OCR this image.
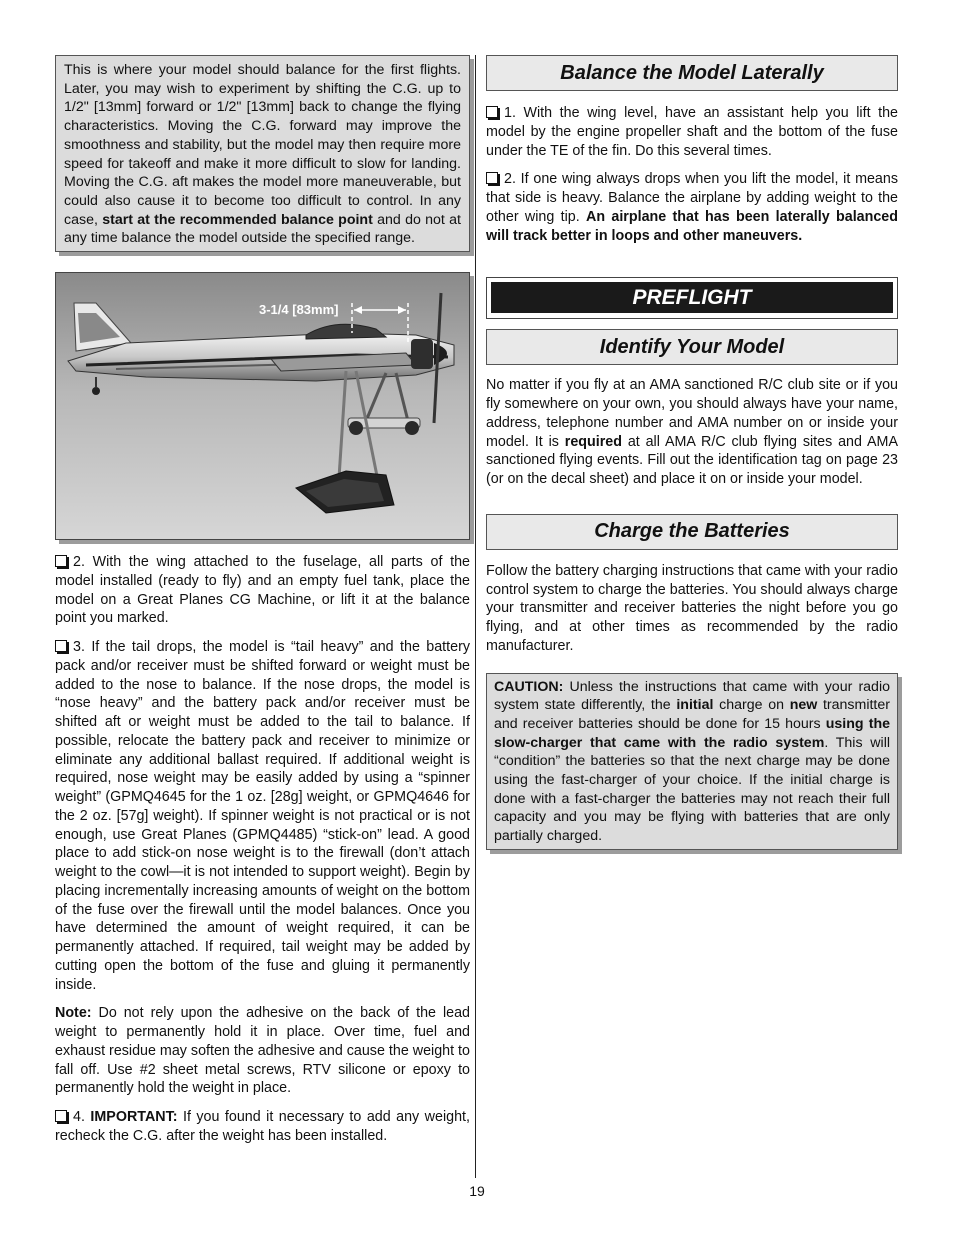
This is where your model should balance for the first flights. Later, you may wish to experiment by shifting the C.G. up to 1/2" [13mm] forward or 1/2" [13mm] back to change the flying characteristics. Moving the C.G. forward may improve the smoothness and stability, but the model may then require more speed for takeoff and make it more difficult to slow for landing. Moving the C.G. aft makes the model more maneuverable, but could also cause it to become too difficult to control. In any case, start at the recommended balance point and do not at any time balance the model outside the specified range.

3-1/4 [83mm]

2. With the wing attached to the fuselage, all parts of the model installed (ready to fly) and an empty fuel tank, place the model on a Great Planes CG Machine, or lift it at the balance point you marked.

3. If the tail drops, the model is “tail heavy” and the battery pack and/or receiver must be shifted forward or weight must be added to the nose to balance. If the nose drops, the model is “nose heavy” and the battery pack and/or receiver must be shifted aft or weight must be added to the tail to balance. If possible, relocate the battery pack and receiver to minimize or eliminate any additional ballast required. If additional weight is required, nose weight may be easily added by using a “spinner weight” (GPMQ4645 for the 1 oz. [28g] weight, or GPMQ4646 for the 2 oz. [57g] weight). If spinner weight is not practical or is not enough, use Great Planes (GPMQ4485) “stick-on” lead. A good place to add stick-on nose weight is to the firewall (don’t attach weight to the cowl—it is not intended to support weight). Begin by placing incrementally increasing amounts of weight on the bottom of the fuse over the firewall until the model balances. Once you have determined the amount of weight required, it can be permanently attached. If required, tail weight may be added by cutting open the bottom of the fuse and gluing it permanently inside.

Note: Do not rely upon the adhesive on the back of the lead weight to permanently hold it in place. Over time, fuel and exhaust residue may soften the adhesive and cause the weight to fall off. Use #2 sheet metal screws, RTV silicone or epoxy to permanently hold the weight in place.

4. IMPORTANT: If you found it necessary to add any weight, recheck the C.G. after the weight has been installed.

Balance the Model Laterally

1. With the wing level, have an assistant help you lift the model by the engine propeller shaft and the bottom of the fuse under the TE of the fin. Do this several times.

2. If one wing always drops when you lift the model, it means that side is heavy. Balance the airplane by adding weight to the other wing tip. An airplane that has been laterally balanced will track better in loops and other maneuvers.

PREFLIGHT
Identify Your Model

No matter if you fly at an AMA sanctioned R/C club site or if you fly somewhere on your own, you should always have your name, address, telephone number and AMA number on or inside your model. It is required at all AMA R/C club flying sites and AMA sanctioned flying events. Fill out the identification tag on page 23 (or on the decal sheet) and place it on or inside your model.

Charge the Batteries

Follow the battery charging instructions that came with your radio control system to charge the batteries. You should always charge your transmitter and receiver batteries the night before you go flying, and at other times as recommended by the radio manufacturer.

CAUTION: Unless the instructions that came with your radio system state differently, the initial charge on new transmitter and receiver batteries should be done for 15 hours using the slow-charger that came with the radio system. This will “condition” the batteries so that the next charge may be done using the fast-charger of your choice. If the initial charge is done with a fast-charger the batteries may not reach their full capacity and you may be flying with batteries that are only partially charged.

19
